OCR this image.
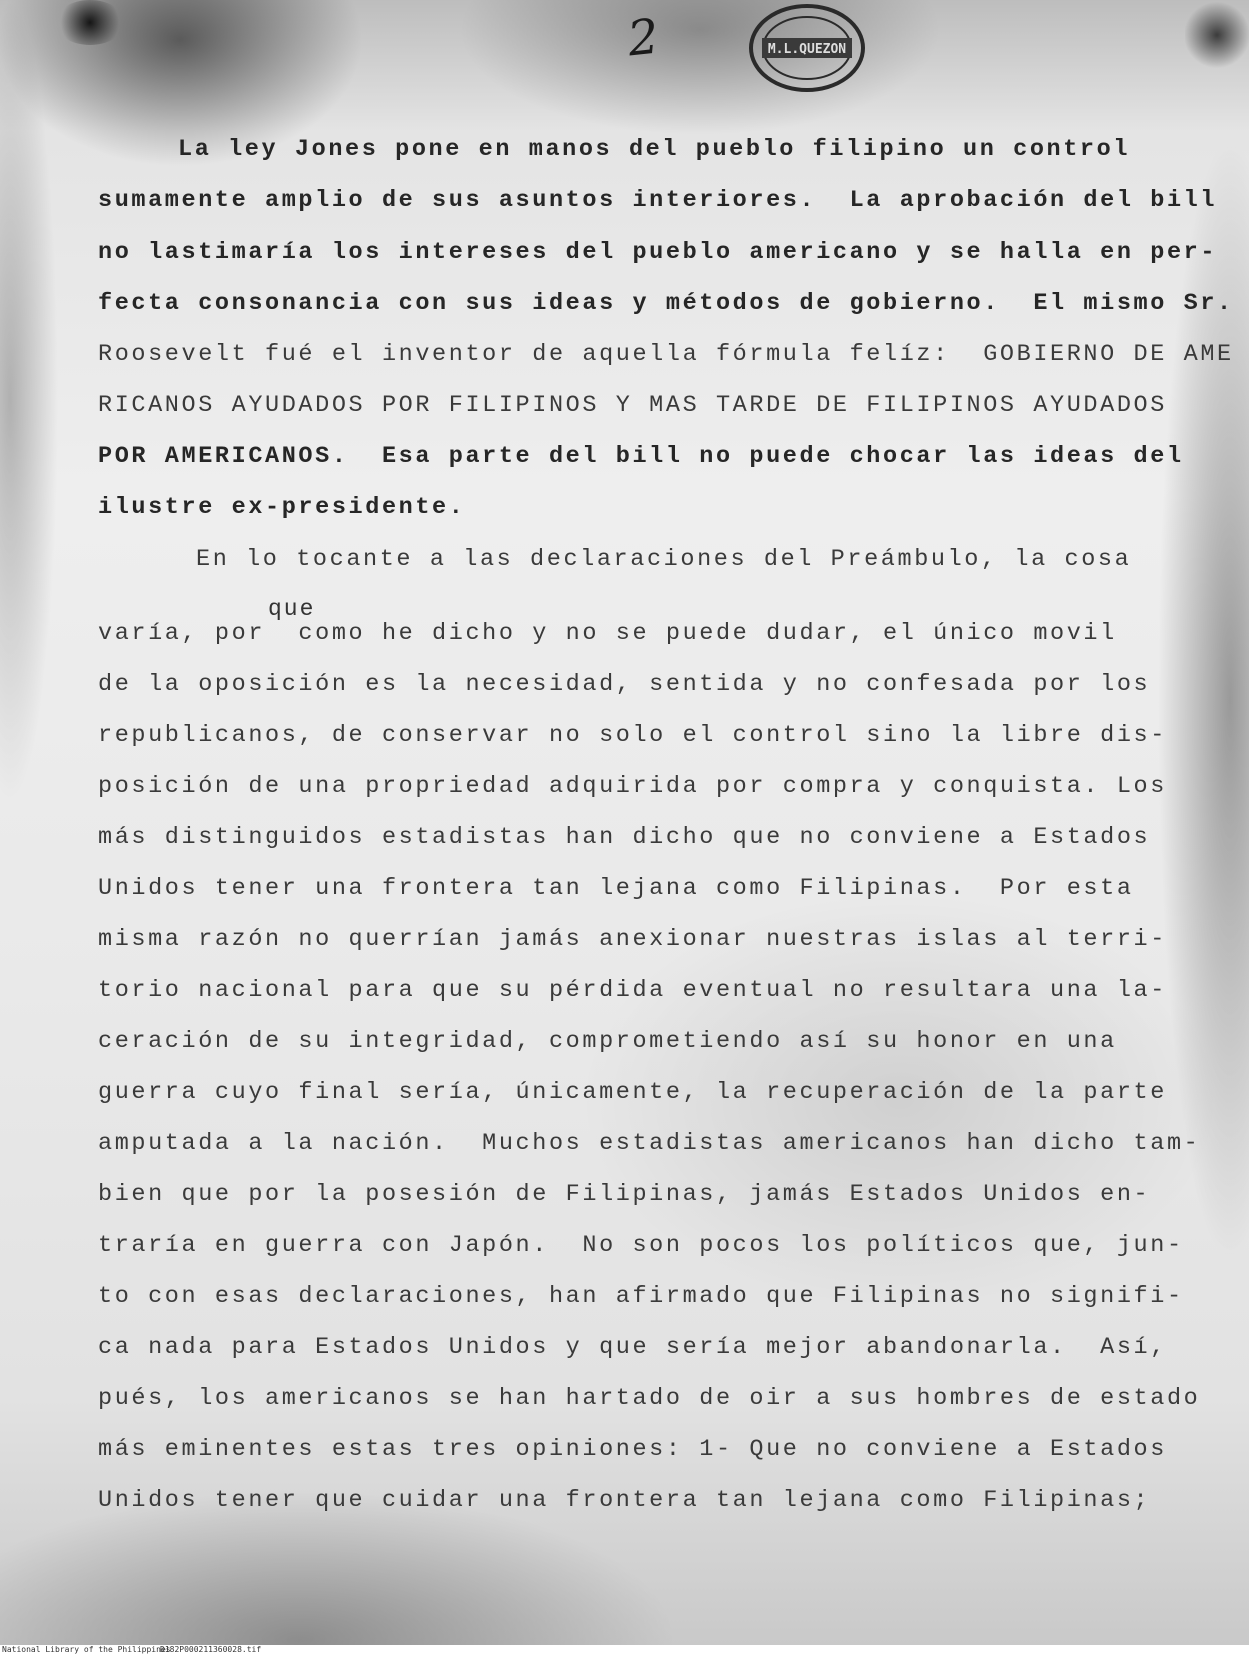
M.L.QUEZON
2
La ley Jones pone en manos del pueblo filipino un control
sumamente amplio de sus asuntos interiores.  La aprobación del bill
no lastimaría los intereses del pueblo americano y se halla en per-
fecta consonancia con sus ideas y métodos de gobierno.  El mismo Sr.
Roosevelt fué el inventor de aquella fórmula felíz:  GOBIERNO DE AME
RICANOS AYUDADOS POR FILIPINOS Y MAS TARDE DE FILIPINOS AYUDADOS
POR AMERICANOS.  Esa parte del bill no puede chocar las ideas del
ilustre ex-presidente.
En lo tocante a las declaraciones del Preámbulo, la cosa
que
varía, por  como he dicho y no se puede dudar, el único movil
de la oposición es la necesidad, sentida y no confesada por los
republicanos, de conservar no solo el control sino la libre dis-
posición de una propriedad adquirida por compra y conquista. Los
más distinguidos estadistas han dicho que no conviene a Estados
Unidos tener una frontera tan lejana como Filipinas.  Por esta
misma razón no querrían jamás anexionar nuestras islas al terri-
torio nacional para que su pérdida eventual no resultara una la-
ceración de su integridad, comprometiendo así su honor en una
guerra cuyo final sería, únicamente, la recuperación de la parte
amputada a la nación.  Muchos estadistas americanos han dicho tam-
bien que por la posesión de Filipinas, jamás Estados Unidos en-
traría en guerra con Japón.  No son pocos los políticos que, jun-
to con esas declaraciones, han afirmado que Filipinas no signifi-
ca nada para Estados Unidos y que sería mejor abandonarla.  Así,
pués, los americanos se han hartado de oir a sus hombres de estado
más eminentes estas tres opiniones: 1- Que no conviene a Estados
Unidos tener que cuidar una frontera tan lejana como Filipinas;
National Library of the Philippines
D182P000211360028.tif
